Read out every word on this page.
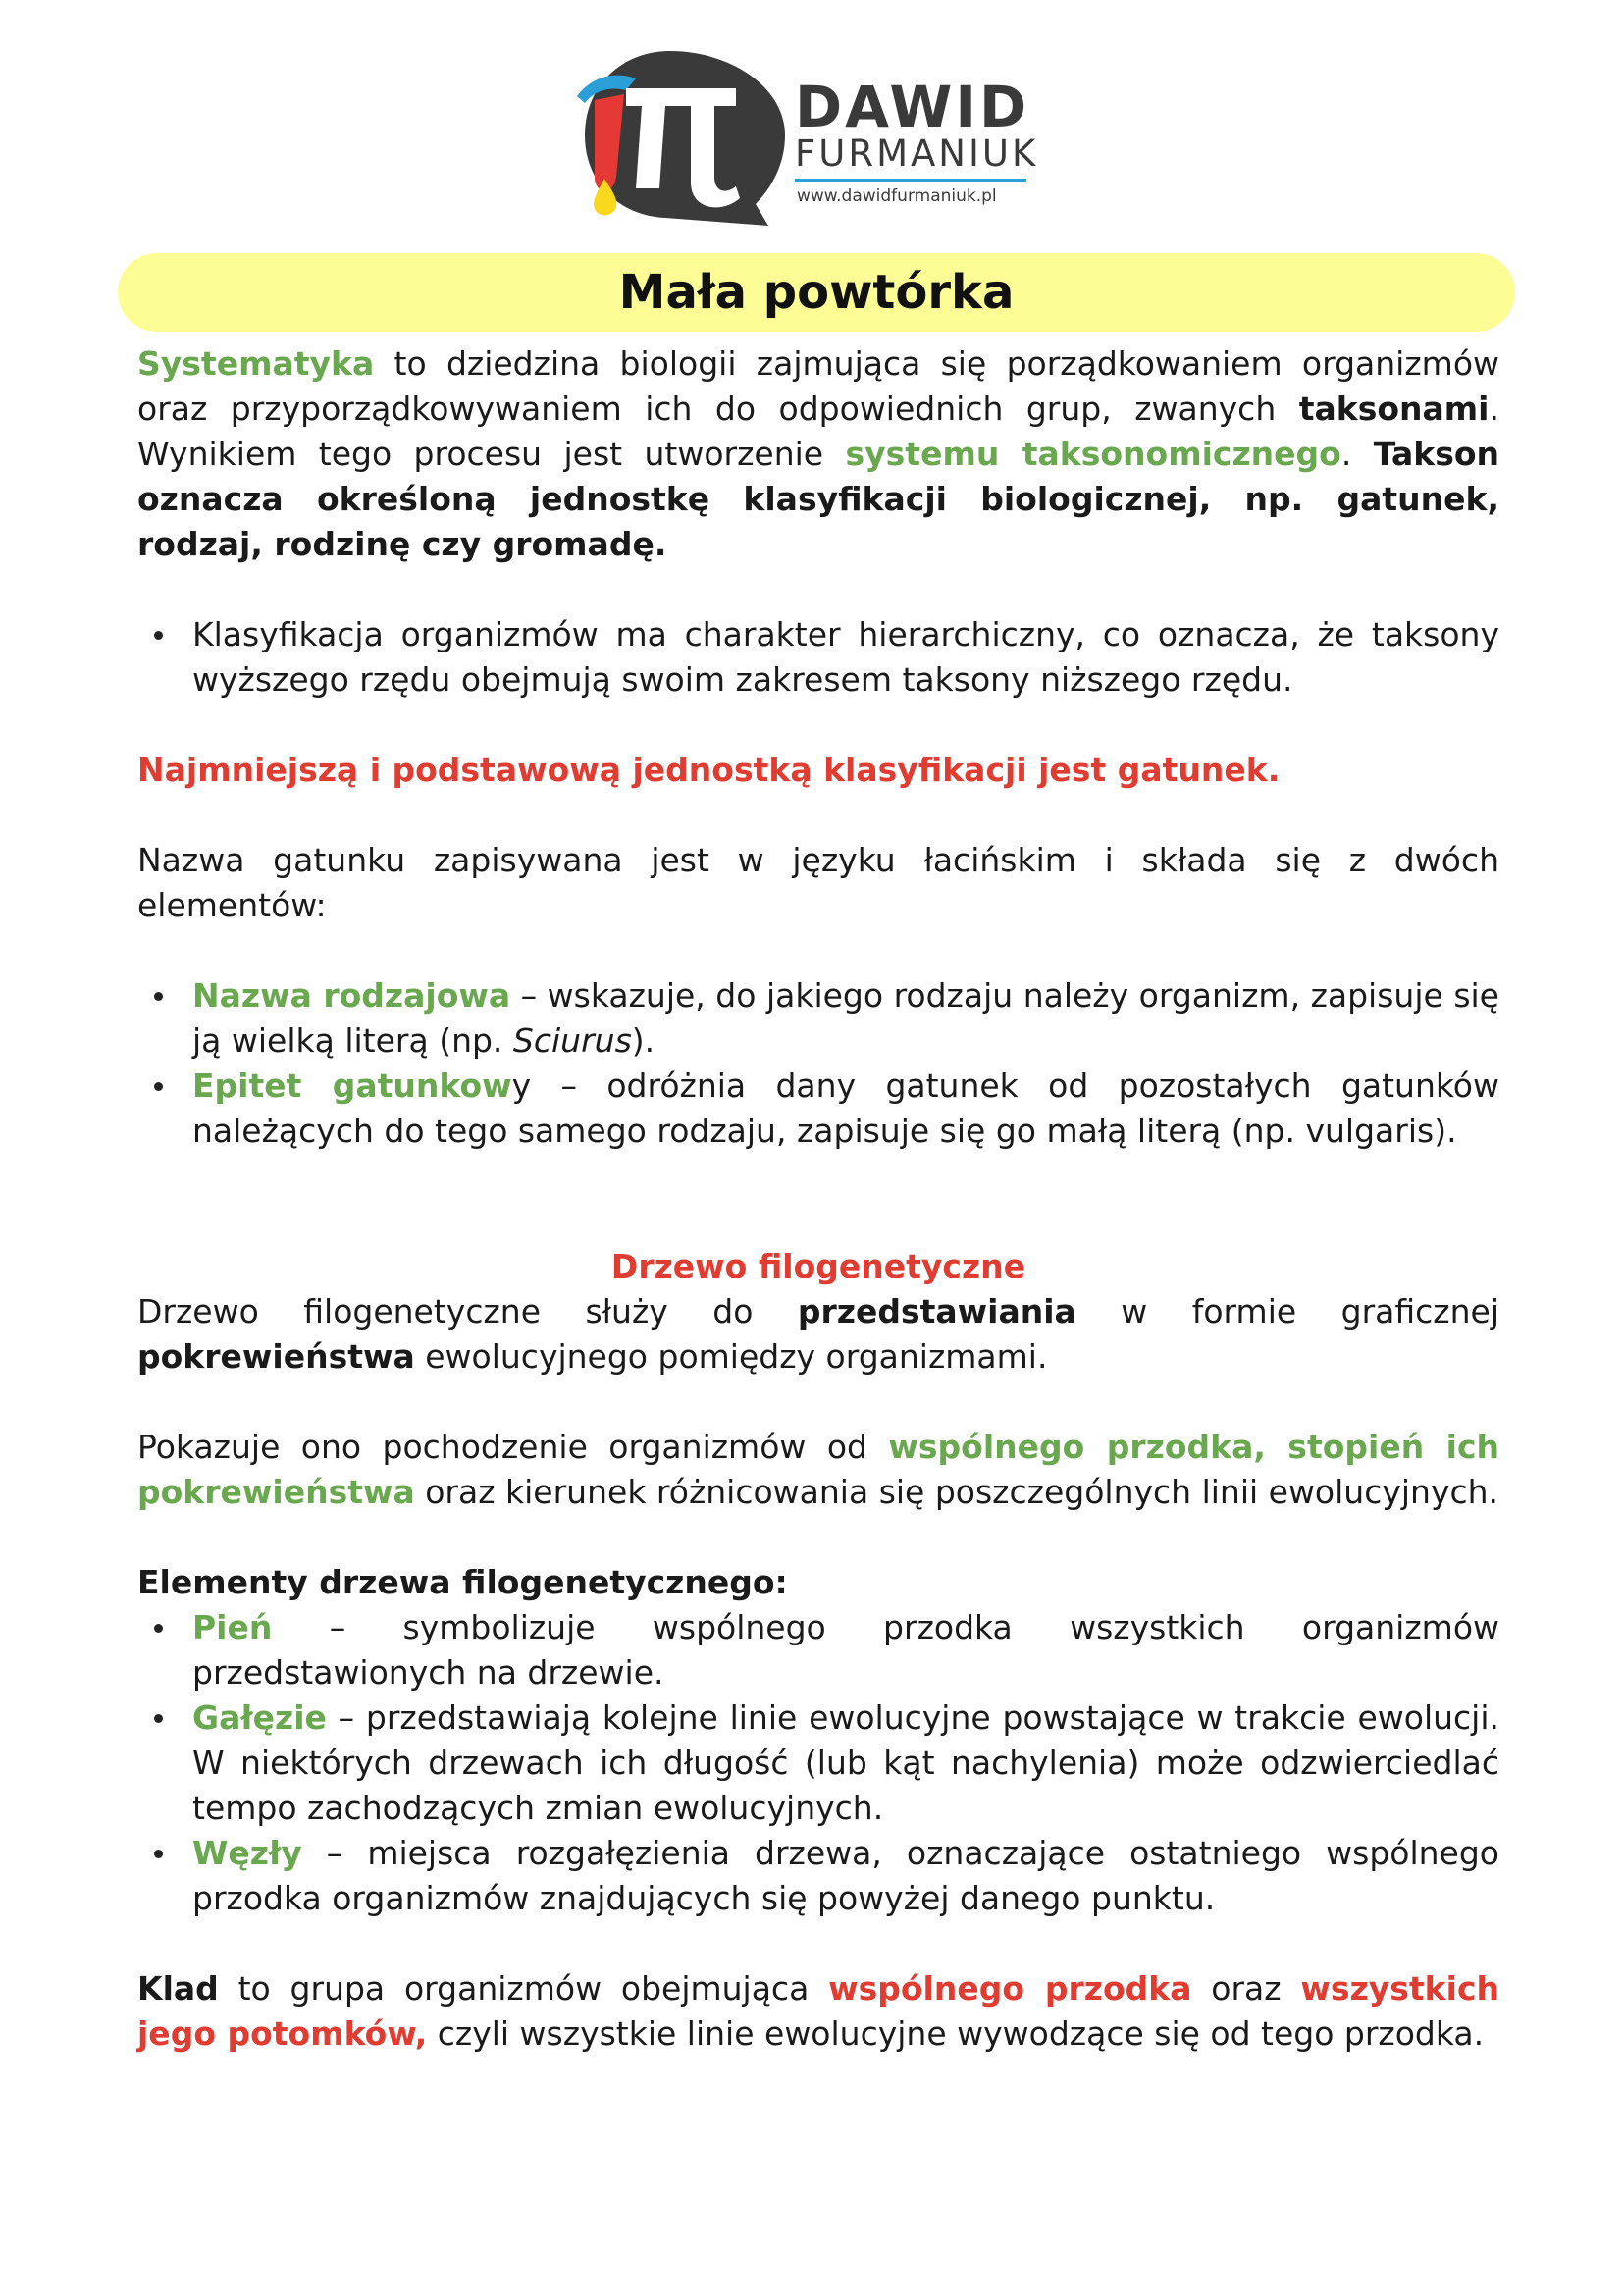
DAWID
FURMANIUK
www.dawidfurmaniuk.pl
Mała powtórka

Systematyka to dziedzina biologii zajmująca się porządkowaniem organizmów oraz przyporządkowywaniem ich do odpowiednich grup, zwanych taksonami. Wynikiem tego procesu jest utworzenie systemu taksonomicznego. Takson oznacza określoną jednostkę klasyfikacji biologicznej, np. gatunek, rodzaj, rodzinę czy gromadę.

Klasyfikacja organizmów ma charakter hierarchiczny, co oznacza, że taksony wyższego rzędu obejmują swoim zakresem taksony niższego rzędu.

Najmniejszą i podstawową jednostką klasyfikacji jest gatunek.

Nazwa gatunku zapisywana jest w języku łacińskim i składa się z dwóch elementów:

Nazwa rodzajowa – wskazuje, do jakiego rodzaju należy organizm, zapisuje się ją wielką literą (np. Sciurus).
Epitet gatunkowy – odróżnia dany gatunek od pozostałych gatunków należących do tego samego rodzaju, zapisuje się go małą literą (np. vulgaris).

Drzewo filogenetyczne

Drzewo filogenetyczne służy do przedstawiania w formie graficznej pokrewieństwa ewolucyjnego pomiędzy organizmami.

Pokazuje ono pochodzenie organizmów od wspólnego przodka, stopień ich pokrewieństwa oraz kierunek różnicowania się poszczególnych linii ewolucyjnych.

Elementy drzewa filogenetycznego:

Pień – symbolizuje wspólnego przodka wszystkich organizmów przedstawionych na drzewie.
Gałęzie – przedstawiają kolejne linie ewolucyjne powstające w trakcie ewolucji. W niektórych drzewach ich długość (lub kąt nachylenia) może odzwierciedlać tempo zachodzących zmian ewolucyjnych.
Węzły – miejsca rozgałęzienia drzewa, oznaczające ostatniego wspólnego przodka organizmów znajdujących się powyżej danego punktu.

Klad to grupa organizmów obejmująca wspólnego przodka oraz wszystkich jego potomków, czyli wszystkie linie ewolucyjne wywodzące się od tego przodka.
